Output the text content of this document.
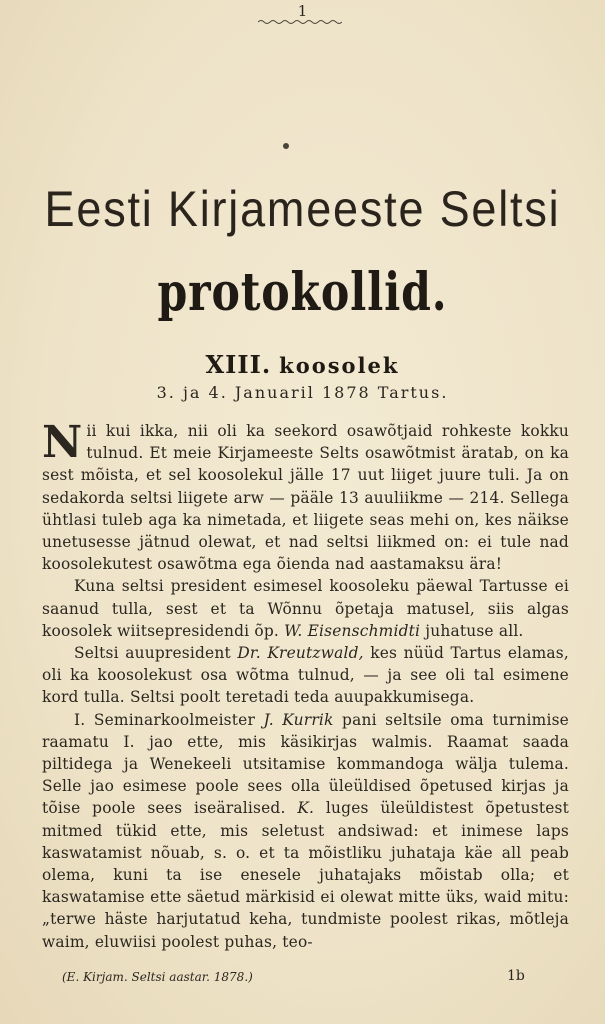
1
Eesti Kirjameeste Seltsi
protokollid.
XIII. koosolek
3. ja 4. Januaril 1878 Tartus.

Nii kui ikka, nii oli ka seekord osawõtjaid rohkeste kokku tulnud. Et meie Kirjameeste Selts osawõtmist äratab, on ka sest mõista, et sel koosolekul jälle 17 uut liiget juure tuli. Ja on sedakorda seltsi liigete arw — pääle 13 auuliikme — 214. Sellega ühtlasi tuleb aga ka nimetada, et liigete seas mehi on, kes näikse unetusesse jätnud olewat, et nad seltsi liikmed on: ei tule nad koosolekutest osawõtma ega õienda nad aastamaksu ära!

Kuna seltsi president esimesel koosoleku päewal Tartusse ei saanud tulla, sest et ta Wõnnu õpetaja matusel, siis algas koosolek wiitsepresidendi õp. W. Eisenschmidti juhatuse all.

Seltsi auupresident Dr. Kreutzwald, kes nüüd Tartus elamas, oli ka koosolekust osa wõtma tulnud, — ja see oli tal esimene kord tulla. Seltsi poolt teretadi teda auupakkumisega.

I. Seminarkoolmeister J. Kurrik pani seltsile oma turnimise raamatu I. jao ette, mis käsikirjas walmis. Raamat saada piltidega ja Wenekeeli utsitamise kommandoga wälja tulema. Selle jao esimese poole sees olla üleüldised õpetused kirjas ja tõise poole sees iseäralised. K. luges üleüldistest õpetustest mitmed tükid ette, mis seletust andsiwad: et inimese laps kaswatamist nõuab, s. o. et ta mõistliku juhataja käe all peab olema, kuni ta ise enesele juhatajaks mõistab olla; et kaswatamise ette säetud märkisid ei olewat mitte üks, waid mitu: „terwe häste harjutatud keha, tundmiste poolest rikas, mõtleja waim, eluwiisi poolest puhas, teo-

(E. Kirjam. Seltsi aastar. 1878.)	1b
